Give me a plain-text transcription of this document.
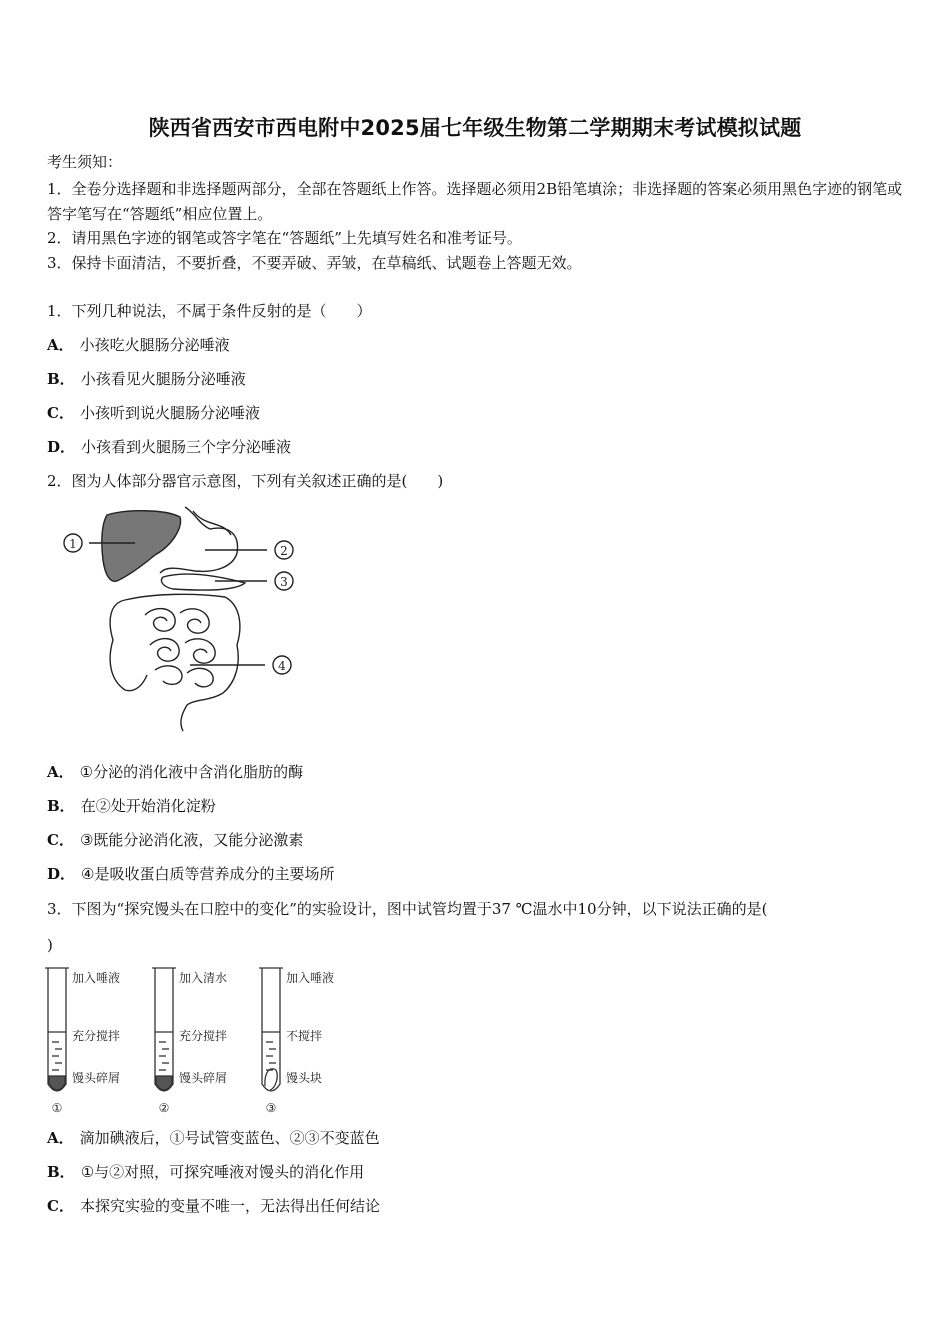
陕西省西安市西电附中2025届七年级生物第二学期期末考试模拟试题
考生须知：
1．全卷分选择题和非选择题两部分，全部在答题纸上作答。选择题必须用2B铅笔填涂；非选择题的答案必须用黑色字迹的钢笔或答字笔写在“答题纸”相应位置上。
2．请用黑色字迹的钢笔或答字笔在“答题纸”上先填写姓名和准考证号。
3．保持卡面清洁，不要折叠，不要弄破、弄皱，在草稿纸、试题卷上答题无效。
1．下列几种说法，不属于条件反射的是（　　）
A． 小孩吃火腿肠分泌唾液
B． 小孩看见火腿肠分泌唾液
C． 小孩听到说火腿肠分泌唾液
D． 小孩看到火腿肠三个字分泌唾液
2．图为人体部分器官示意图，下列有关叙述正确的是(　　)
1	2
3
4
A． ①分泌的消化液中含消化脂肪的酶
B． 在②处开始消化淀粉
C． ③既能分泌消化液，又能分泌激素
D． ④是吸收蛋白质等营养成分的主要场所
3．下图为“探究馒头在口腔中的变化”的实验设计，图中试管均置于37 ℃温水中10分钟，以下说法正确的是(
)
加入唾液
充分搅拌
馒头碎屑
①
加入清水
充分搅拌
馒头碎屑
②
加入唾液
不搅拌
馒头块
③
A． 滴加碘液后，①号试管变蓝色、②③不变蓝色
B． ①与②对照，可探究唾液对馒头的消化作用
C． 本探究实验的变量不唯一，无法得出任何结论
